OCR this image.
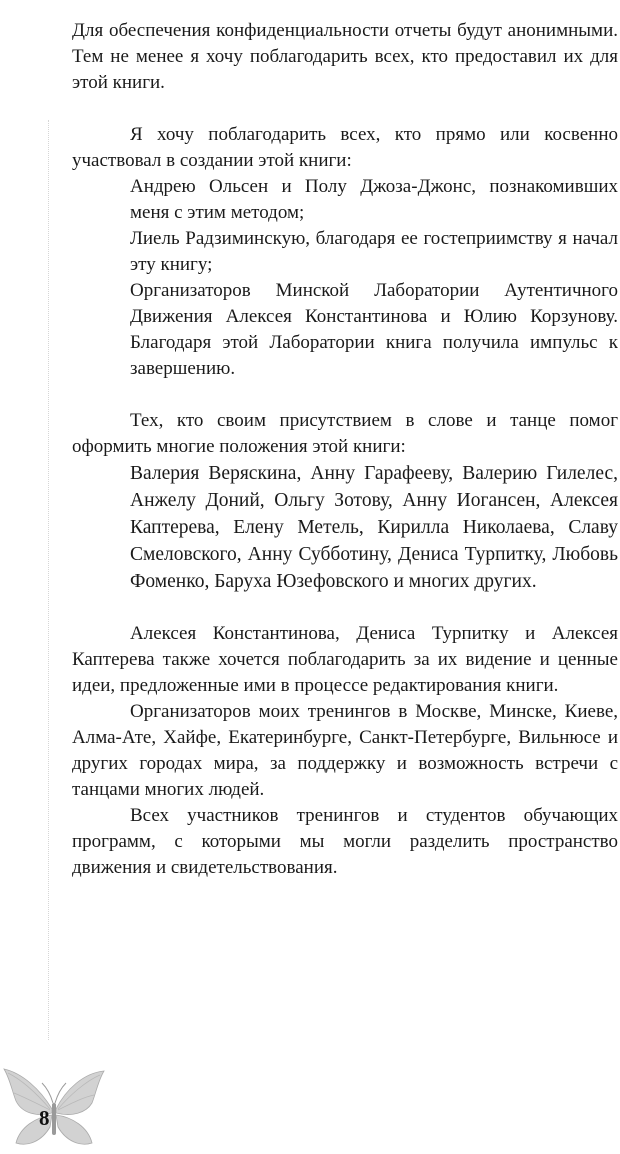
Для обеспечения конфиденциальности отчеты будут анонимными. Тем не менее я хочу поблагодарить всех, кто предоставил их для этой книги.

Я хочу поблагодарить всех, кто прямо или косвенно участвовал в создании этой книги:

Андрею Ольсен и Полу Джоза-Джонс, познакомивших меня с этим методом;

Лиель Радзиминскую, благодаря ее гостеприимству я начал эту книгу;

Организаторов Минской Лаборатории Аутентичного Движения Алексея Константинова и Юлию Корзунову. Благодаря этой Лаборатории книга получила импульс к завершению.

Тех, кто своим присутствием в слове и танце помог оформить многие положения этой книги:

Валерия Веряскина, Анну Гарафееву, Валерию Гилелес, Анжелу Доний, Ольгу Зотову, Анну Иогансен, Алексея Каптерева, Елену Метель, Кирилла Николаева, Славу Смеловского, Анну Субботину, Дениса Турпитку, Любовь Фоменко, Баруха Юзефовского и многих других.

Алексея Константинова, Дениса Турпитку и Алексея Каптерева также хочется поблагодарить за их видение и ценные идеи, предложенные ими в процессе редактирования книги.

Организаторов моих тренингов в Москве, Минске, Киеве, Алма-Ате, Хайфе, Екатеринбурге, Санкт-Петербурге, Вильнюсе и других городах мира, за поддержку и возможность встречи с танцами многих людей.

Всех участников тренингов и студентов обучающих программ, с которыми мы могли разделить пространство движения и свидетельствования.

8
